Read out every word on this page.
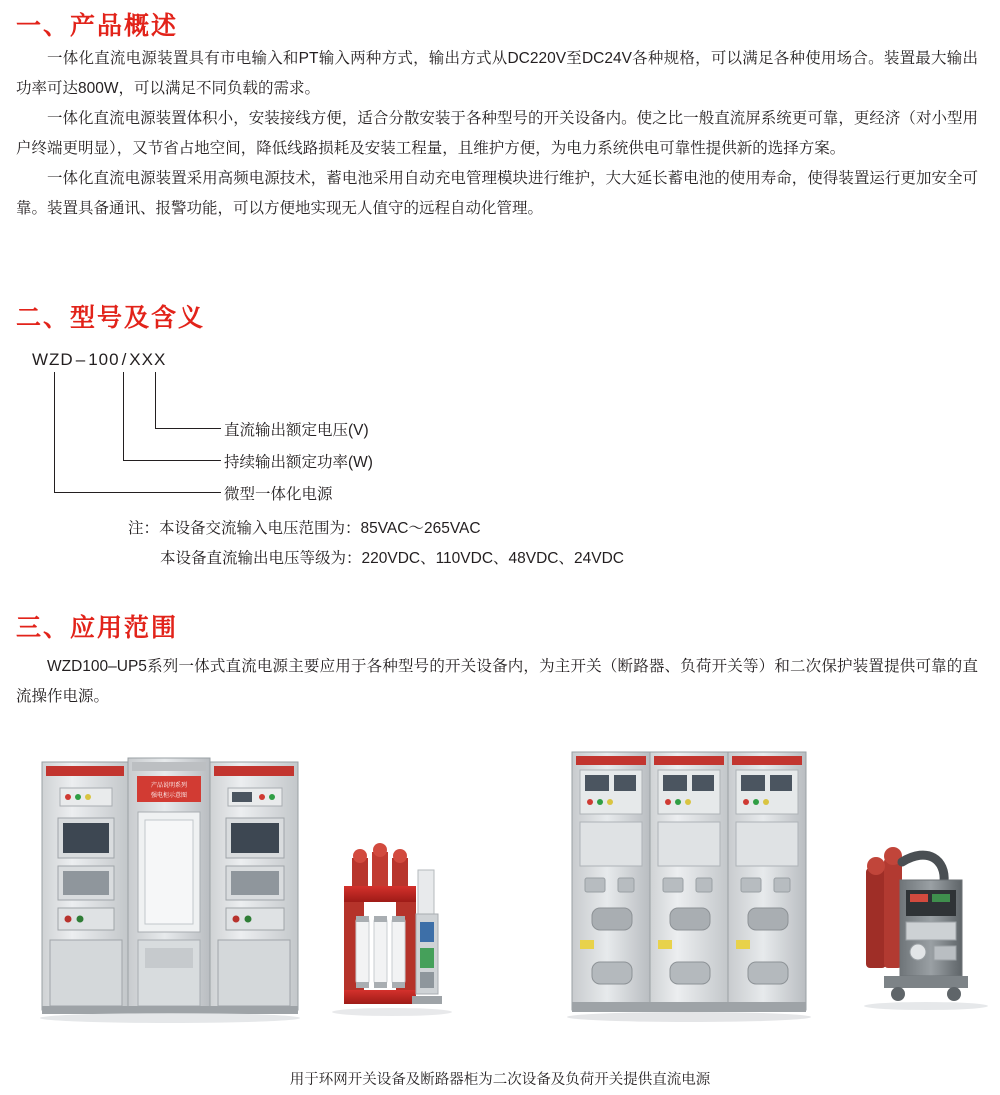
一、产品概述

一体化直流电源装置具有市电输入和PT输入两种方式，输出方式从DC220V至DC24V各种规格，可以满足各种使用场合。装置最大输出功率可达800W，可以满足不同负载的需求。

一体化直流电源装置体积小，安装接线方便，适合分散安装于各种型号的开关设备内。使之比一般直流屏系统更可靠，更经济（对小型用户终端更明显），又节省占地空间，降低线路损耗及安装工程量，且维护方便，为电力系统供电可靠性提供新的选择方案。

一体化直流电源装置采用高频电源技术，蓄电池采用自动充电管理模块进行维护，大大延长蓄电池的使用寿命，使得装置运行更加安全可靠。装置具备通讯、报警功能，可以方便地实现无人值守的远程自动化管理。

二、型号及含义
WZD – 100 / XXX
直流输出额定电压(V)
持续输出额定功率(W)
微型一体化电源
注：本设备交流输入电压范围为：85VAC～265VAC
本设备直流输出电压等级为：220VDC、110VDC、48VDC、24VDC
三、应用范围

WZD100–UP5系列一体式直流电源主要应用于各种型号的开关设备内，为主开关（断路器、负荷开关等）和二次保护装置提供可靠的直流操作电源。

产品说明系列
强电柜示意图
用于环网开关设备及断路器柜为二次设备及负荷开关提供直流电源
